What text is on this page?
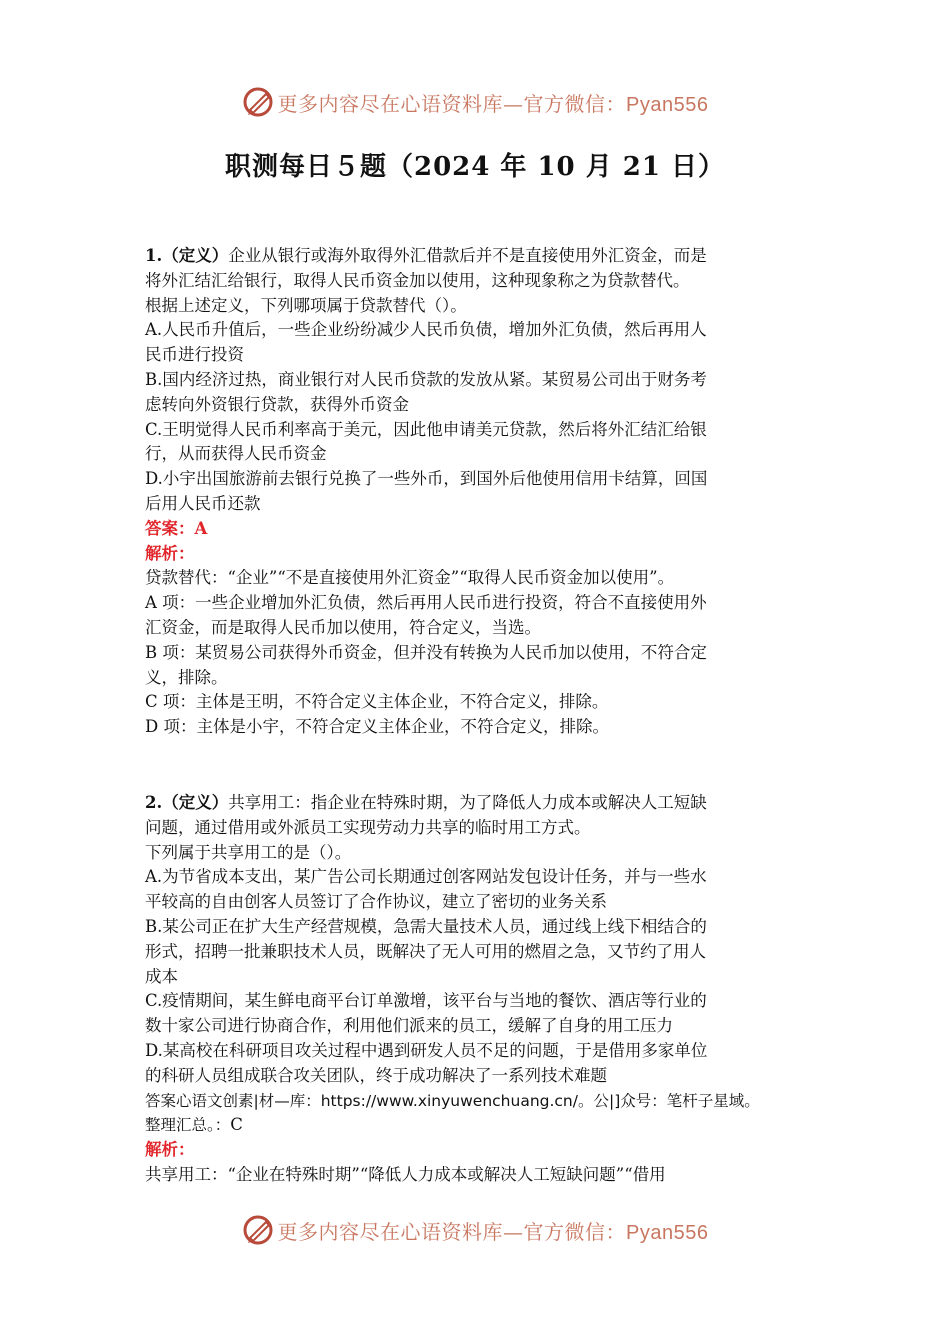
更多内容尽在心语资料库—官方微信：Pyan556
职测每日５题（2024 年 10 月 21 日）

1.（定义）企业从银行或海外取得外汇借款后并不是直接使用外汇资金，而是

将外汇结汇给银行，取得人民币资金加以使用，这种现象称之为贷款替代。

根据上述定义，下列哪项属于贷款替代（）。

A.人民币升值后，一些企业纷纷减少人民币负债，增加外汇负债，然后再用人

民币进行投资

B.国内经济过热，商业银行对人民币贷款的发放从紧。某贸易公司出于财务考

虑转向外资银行贷款，获得外币资金

C.王明觉得人民币利率高于美元，因此他申请美元贷款，然后将外汇结汇给银

行，从而获得人民币资金

D.小宇出国旅游前去银行兑换了一些外币，到国外后他使用信用卡结算，回国

后用人民币还款

答案：A

解析：

贷款替代：“企业”“不是直接使用外汇资金”“取得人民币资金加以使用”。

A 项：一些企业增加外汇负债，然后再用人民币进行投资，符合不直接使用外

汇资金，而是取得人民币加以使用，符合定义，当选。

B 项：某贸易公司获得外币资金，但并没有转换为人民币加以使用，不符合定

义，排除。

C 项：主体是王明，不符合定义主体企业，不符合定义，排除。

D 项：主体是小宇，不符合定义主体企业，不符合定义，排除。

2.（定义）共享用工：指企业在特殊时期，为了降低人力成本或解决人工短缺

问题，通过借用或外派员工实现劳动力共享的临时用工方式。

下列属于共享用工的是（）。

A.为节省成本支出，某广告公司长期通过创客网站发包设计任务，并与一些水

平较高的自由创客人员签订了合作协议，建立了密切的业务关系

B.某公司正在扩大生产经营规模，急需大量技术人员，通过线上线下相结合的

形式，招聘一批兼职技术人员，既解决了无人可用的燃眉之急，又节约了用人

成本

C.疫情期间，某生鲜电商平台订单激增，该平台与当地的餐饮、酒店等行业的

数十家公司进行协商合作，利用他们派来的员工，缓解了自身的用工压力

D.某高校在科研项目攻关过程中遇到研发人员不足的问题，于是借用多家单位

的科研人员组成联合攻关团队，终于成功解决了一系列技术难题

答案心语文创素|材—库：https://www.xinyuwenchuang.cn/。公|]众号：笔杆子星域。

整理汇总。：C

解析：

共享用工：“企业在特殊时期”“降低人力成本或解决人工短缺问题”“借用

更多内容尽在心语资料库—官方微信：Pyan556
